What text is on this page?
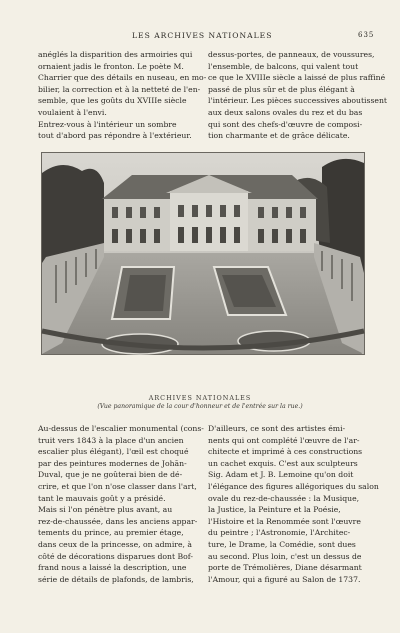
LES ARCHIVES NATIONALES	635
anéglés la disparition des armoiries qui
ornaient jadis le fronton. Le poète M.
Charrier que des détails en nuseau, en mo-
bilier, la correction et à la netteté de l'en-
semble, que les goûts du XVIIIe siècle
voulaient à l'envi.
Entrez-vous à l'intérieur un sombre
tout d'abord pas répondre à l'extérieur.
dessus-portes, de panneaux, de voussures,
l'ensemble, de balcons, qui valent tout
ce que le XVIIIe siècle a laissé de plus raffiné
passé de plus sûr et de plus élégant à
l'intérieur. Les pièces successives aboutissent
aux deux salons ovales du rez et du bas
qui sont des chefs-d'œuvre de composi-
tion charmante et de grâce délicate.
ARCHIVES NATIONALES
(Vue panoramique de la cour d'honneur et de l'entrée sur la rue.)
Au-dessus de l'escalier monumental (cons-
truit vers 1843 à la place d'un ancien
escalier plus élégant), l'œil est choqué
par des peintures modernes de Johān-
Duval, que je ne goûterai bien de dé-
crire, et que l'on n'ose classer dans l'art,
tant le mauvais goût y a présidé.
Mais si l'on pénètre plus avant, au
rez-de-chaussée, dans les anciens appar-
tements du prince, au premier étage,
dans ceux de la princesse, on admire, à
côté de décorations disparues dont Bof-
frand nous a laissé la description, une
série de détails de plafonds, de lambris,
D'ailleurs, ce sont des artistes émi-
nents qui ont complété l'œuvre de l'ar-
chitecte et imprimé à ces constructions
un cachet exquis. C'est aux sculpteurs
Sig. Adam et J. B. Lemoine qu'on doit
l'élégance des figures allégoriques du salon
ovale du rez-de-chaussée : la Musique,
la Justice, la Peinture et la Poésie,
l'Histoire et la Renommée sont l'œuvre
du peintre ; l'Astronomie, l'Architec-
ture, le Drame, la Comédie, sont dues
au second. Plus loin, c'est un dessus de
porte de Trémolières, Diane désarmant
l'Amour, qui a figuré au Salon de 1737.
